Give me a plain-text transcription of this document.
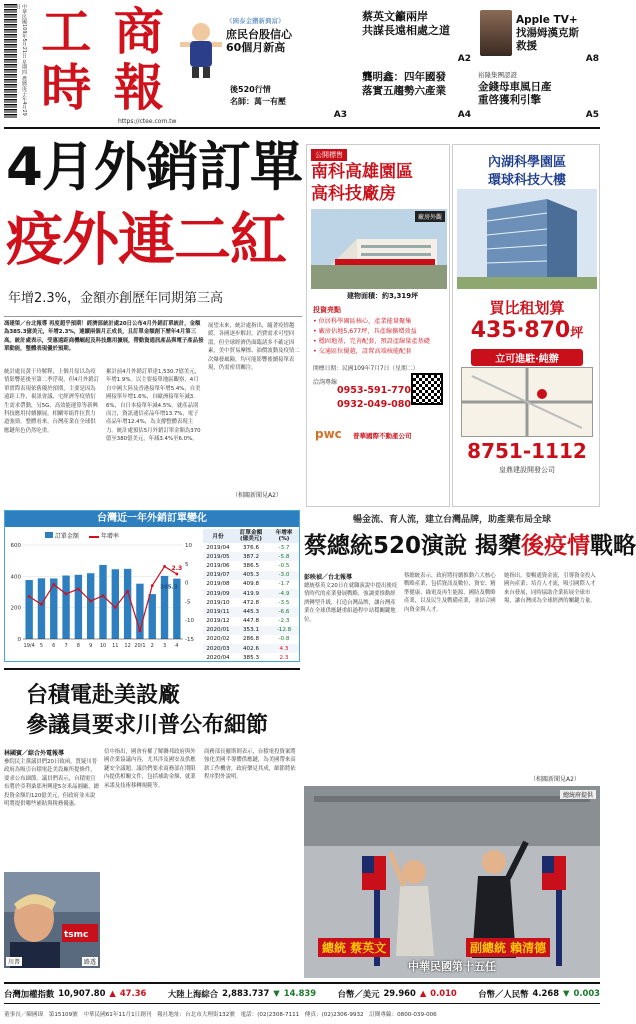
中華民國109年5月21日 星期四 農曆庚子年4月29日 工 商
時 報
https://ctee.com.tw
《國泰金鑽新興富》
庶民台股信心
60個月新高
蔡英文籲兩岸
共謀長遠相處之道
A2
Apple TV+
找湯姆漢克斯
救援
A8
後520行情
名師：萬一有壓
A3
龔明鑫：四年國發
落實五趨勢六產業
A4
裕隆集團認證
金錢母車風日產
重啓獲利引擎
A5
4月外銷訂單
疫外連二紅
年增2.3%，金額亦創歷年同期第三高
馮建棨／台北報導 再度超乎預期！經濟部統計處20日公布4月外銷訂單統計，金額為385.3億美元，年增2.3%，連續兩個月正成長，且訂單金額創下歷年4月第三高。統計處表示，受惠遠距商機崛起及科技應用擴展，帶動資通訊產品與電子產品接單動能，整體表現優於預期。
統計處長黃于玲解釋，上個月原以為疫情影響延後至第二季浮現，但4月外銷訂單實際表現依舊優於預期，主要是因為遠距工作、視訊會議、宅經濟等疫情衍生需求帶動，另5G、高效能運算等新興科技應用持續擴展，相關零組件拉貨力道強勁。整體看來，台灣產業在全球供應鏈角色仍然吃重。
累計前4月外銷訂單達1,530.7億美元，年增1.9%。以主要接單地區觀察，4月自中國大陸及香港接單年增5.4%，自美國接單年增1.6%，自歐洲接單年減3.6%，自日本接單年減4.5%。就產品別而言，資訊通信產品年增13.7%，電子產品年增12.4%，為支撐整體表現主力。統計處預估5月外銷訂單金額為370億至380億美元，年減3.4%至6.0%。
展望未來，統計處指出，隨著疫情趨緩、各國逐步解封，消費需求可望回溫，但全球經濟仍面臨諸多不確定因素，美中貿易摩擦、油價波動及疫情二次爆發風險，均可能影響後續接單表現，仍需密切關注。
（相關新聞見A2）
公開標售
南科高雄園區
高科技廠房
廠房外觀
建物面積：約3,319坪
投資亮點
• 位居科學園區核心，產業能量聚集
• 廠房佔地5,677坪，具產線擴增效益
• 穩固地基，完善配套，預設產線量產基礎
• 交通區位優越，設置高端核能配套
開標日期：民國109年7月7日（星期二）
洽詢專線
0953-591-770
0932-049-080
pwc 普華國際不動產公司
內湖科學園區
環球科技大樓
買比租划算
435‧870坪
立可進駐‧純辦
8751-1112
皇鼎建設開發公司
台灣近一年外銷訂單變化
訂單金額	年增率
0
200
400
600
-15
-10
-5
0
5
10
19/4 5 6 7 8 9 10 11 12 20/1 2 3 4
2.3
385.3
月份
訂單金額
(億美元)
年增率
(%)
2019/04	376.6	-3.7
2019/05	387.2	-5.8
2019/06	386.5	-0.5
2019/07	405.3	-3.0
2019/08	409.8	-1.7
2019/09	419.9	-4.9
2019/10	472.8	-3.5
2019/11	445.3	-6.6
2019/12	447.8	-2.3
2020/01	353.1	-12.8
2020/02	286.8	-0.8
2020/03	402.6	4.3
2020/04	385.3	2.3
台積電赴美設廠
參議員要求川普公布細節
林國賓／綜合外電報導
參院民主黨議員們20日致函，質疑川普政府為吸引台積電赴美設廠所提條件，要求公布細節。議員們表示，台積電宣布將於亞利桑那州興建5奈米晶圓廠，總投資金額約120億美元，但政府並未說明將提供哪些補貼與稅務優惠。
信中指出，國會有權了解聯邦政府與外國企業協議內容，尤其涉及國安及供應鏈安全議題。議員們要求商務部在期限內提供相關文件，包括補助金額、就業承諾及技術移轉規範等。
商務部長羅斯則表示，台積電投資案將強化美國半導體供應鏈，為美國帶來高薪工作機會，政府樂見其成，細節將依程序對外說明。
tsmc
川普	路透
暢金流、育人流，建立台灣品牌，助產業布局全球
蔡總統520演說 揭櫫後疫情戰略
彭映禎／台北報導
總統蔡英文20日在就職演說中提出後疫情時代的產業發展戰略，強調要推動經濟轉型升級，打造台灣品牌，讓台灣產業在全球供應鏈重組過程中站穩關鍵地位。
蔡總統表示，政府將持續推動六大核心戰略產業，包括資訊及數位、資安、精準健康、綠電及再生能源、國防及戰略產業，以及民生及戰備產業，並結合國內資金與人才。
她指出，要暢通資金流，引導資金投入國內產業；培育人才流，吸引國際人才來台發展，同時協助企業拓展全球市場，讓台灣成為全球經濟的關鍵力量。
（相關新聞見A2）
總統府提供
總統 蔡英文	副總統 賴清德
中華民國第十五任
台灣加權指數 10,907.80 ▲ 47.36	大陸上海綜合 2,883.737 ▼ 14.839	台幣／美元 29.960 ▲ 0.010	台幣／人民幣 4.268 ▼ 0.003
董事長／陳國瑋　第15109號　中華民國61年11月1日創刊　報社地址：台北市大理街132號　電話：(02)2308-7111　傳真：(02)2306-9932　訂閱專線：0800-039-006
